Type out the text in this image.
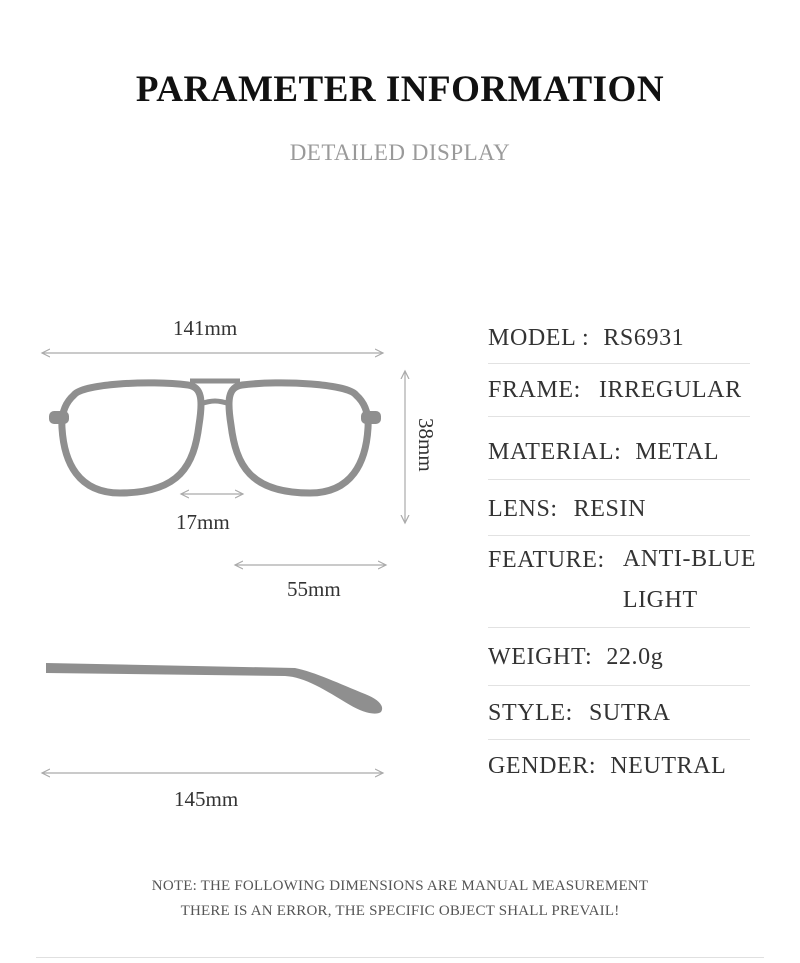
PARAMETER INFORMATION
DETAILED DISPLAY
141mm
38mm
17mm
55mm
145mm
MODEL : RS6931
FRAME: IRREGULAR
MATERIAL: METAL
LENS: RESIN
FEATURE: ANTI-BLUE
LIGHT
WEIGHT: 22.0g
STYLE: SUTRA
GENDER: NEUTRAL
NOTE: THE FOLLOWING DIMENSIONS ARE MANUAL MEASUREMENT
THERE IS AN ERROR, THE SPECIFIC OBJECT SHALL PREVAIL!
